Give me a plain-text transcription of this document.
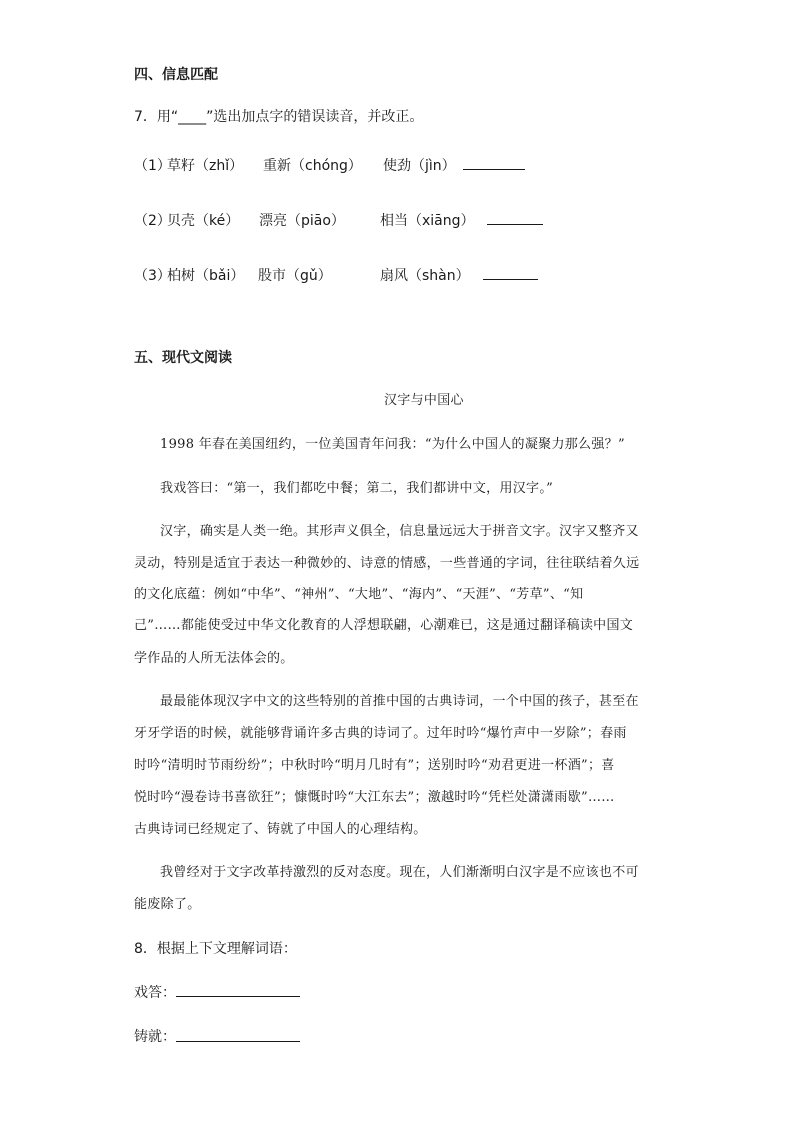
四、信息匹配
7．用“____”选出加点字的错误读音，并改正。
（1）
草籽（zhǐ） 重新（chóng） 使劲（jìn）
（2）
贝壳（ké） 漂亮（piāo）	相当（xiāng）
（3）
柏树（bǎi） 股市（gǔ）	扇风（shàn）
五、现代文阅读
汉字与中国心
1998 年春在美国纽约，一位美国青年问我：“为什么中国人的凝聚力那么强？”
我戏答曰：“第一，我们都吃中餐；第二，我们都讲中文，用汉字。”
汉字，确实是人类一绝。其形声义俱全，信息量远远大于拼音文字。汉字又整齐又
灵动，特别是适宜于表达一种微妙的、诗意的情感，一些普通的字词，往往联结着久远
的文化底蕴：例如“中华”、“神州”、“大地”、“海内”、“天涯”、“芳草”、“知
己”……都能使受过中华文化教育的人浮想联翩，心潮难已，这是通过翻译稿读中国文
学作品的人所无法体会的。
最最能体现汉字中文的这些特别的首推中国的古典诗词，一个中国的孩子，甚至在
牙牙学语的时候，就能够背诵许多古典的诗词了。过年时吟“爆竹声中一岁除”；春雨
时吟“清明时节雨纷纷”；中秋时吟“明月几时有”；送别时吟“劝君更进一杯酒”；喜
悦时吟“漫卷诗书喜欲狂”；慷慨时吟“大江东去”；激越时吟“凭栏处潇潇雨歇”……
古典诗词已经规定了、铸就了中国人的心理结构。
我曾经对于文字改革持激烈的反对态度。现在，人们渐渐明白汉字是不应该也不可
能废除了。
8．根据上下文理解词语：
戏答：
铸就：
